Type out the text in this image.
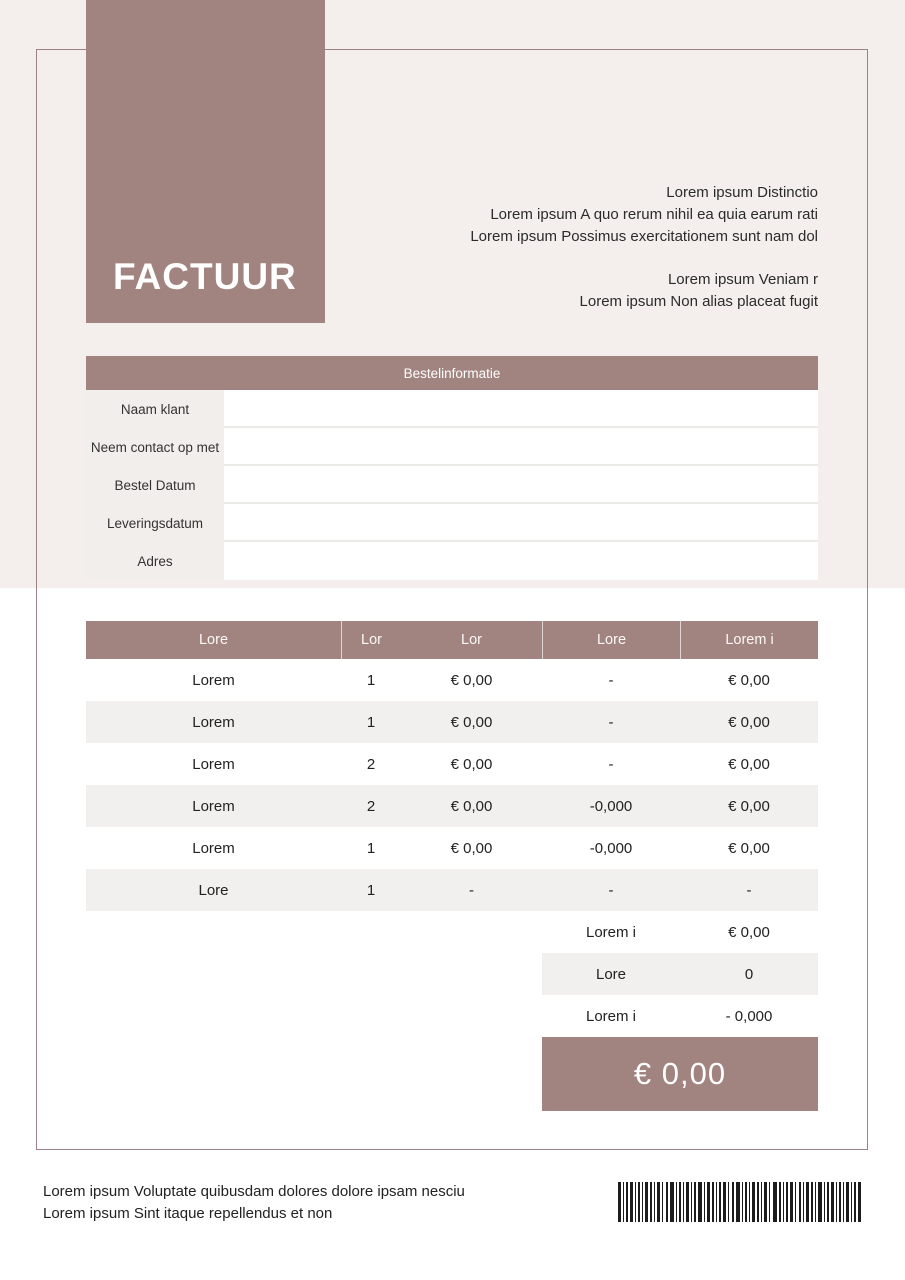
FACTUUR
Lorem ipsum Distinctio
Lorem ipsum A quo rerum nihil ea quia earum rati
Lorem ipsum Possimus exercitationem sunt nam dol
Lorem ipsum Veniam r
Lorem ipsum Non alias placeat fugit
Bestelinformatie
Naam klant
Neem contact op met
Bestel Datum
Leveringsdatum
Adres
Lore	Lor	Lor	Lore	Lorem i
Lorem	1	€ 0,00	-	€ 0,00
Lorem	1	€ 0,00	-	€ 0,00
Lorem	2	€ 0,00	-	€ 0,00
Lorem	2	€ 0,00	-0,000	€ 0,00
Lorem	1	€ 0,00	-0,000	€ 0,00
Lore	1	-	-	-
Lorem i	€ 0,00
Lore	0
Lorem i	- 0,000
€ 0,00
Lorem ipsum Voluptate quibusdam dolores dolore ipsam nesciu
Lorem ipsum Sint itaque repellendus et non
